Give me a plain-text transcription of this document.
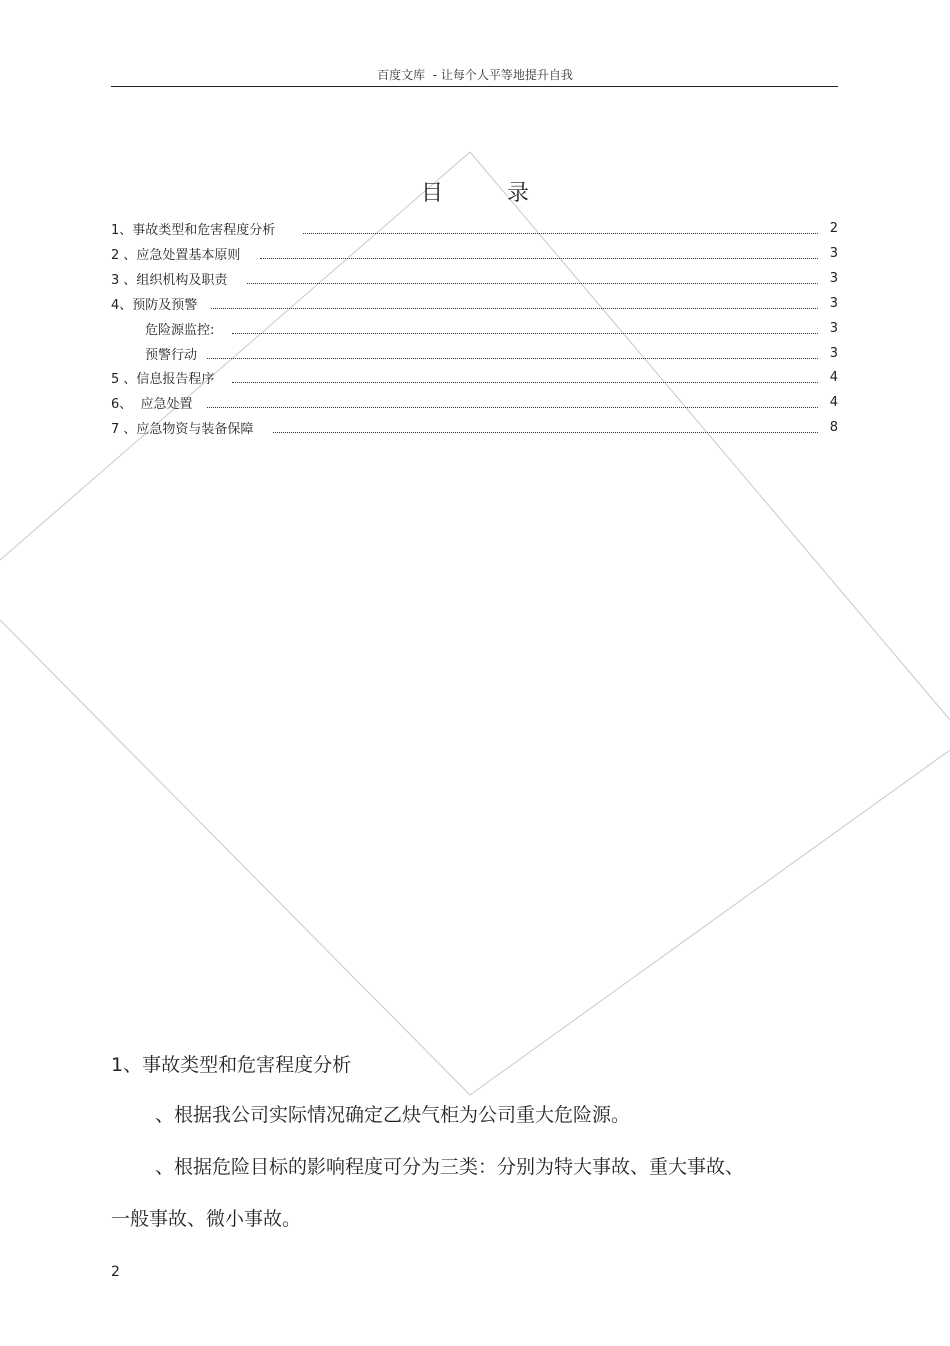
百度文库  - 让每个人平等地提升自我
目录
1、事故类型和危害程度分析	2
2 、应急处置基本原则	3
3 、组织机构及职责	3
4、预防及预警	3
危险源监控:	3
预警行动	3
5 、信息报告程序	4
6、  应急处置	4
7 、应急物资与装备保障	8
1、事故类型和危害程度分析
、根据我公司实际情况确定乙炔气柜为公司重大危险源。
、根据危险目标的影响程度可分为三类：分别为特大事故、重大事故、
一般事故、微小事故。
2
